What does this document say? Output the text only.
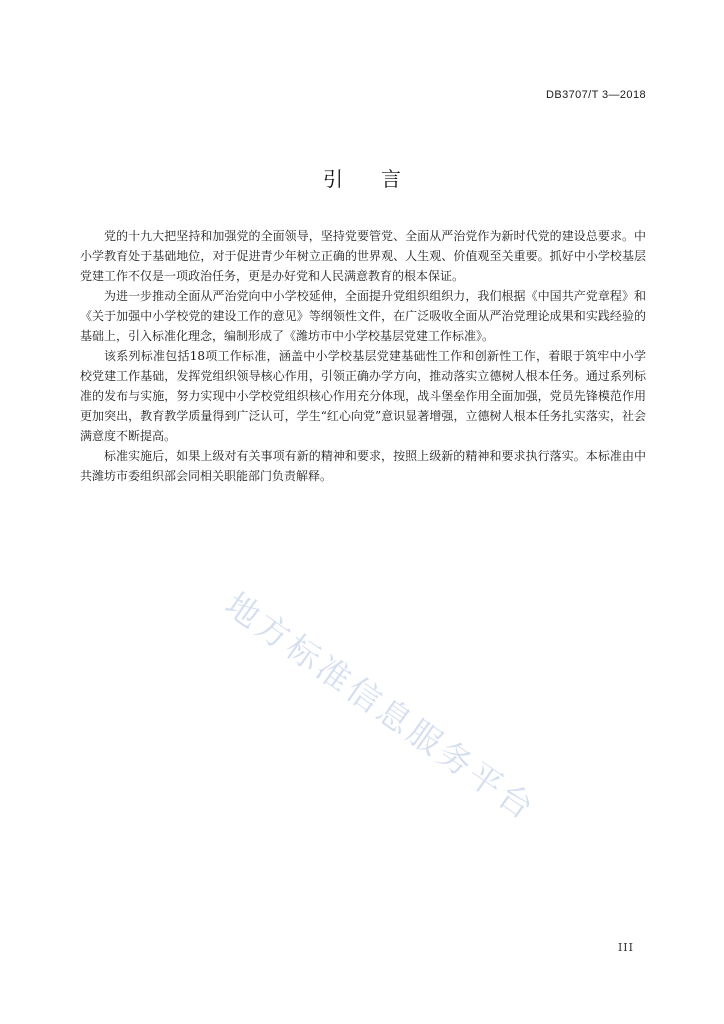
DB3707/T 3—2018
引言

党的十九大把坚持和加强党的全面领导，坚持党要管党、全面从严治党作为新时代党的建设总要求。中小学教育处于基础地位，对于促进青少年树立正确的世界观、人生观、价值观至关重要。抓好中小学校基层党建工作不仅是一项政治任务，更是办好党和人民满意教育的根本保证。

为进一步推动全面从严治党向中小学校延伸，全面提升党组织组织力，我们根据《中国共产党章程》和《关于加强中小学校党的建设工作的意见》等纲领性文件，在广泛吸收全面从严治党理论成果和实践经验的基础上，引入标准化理念，编制形成了《潍坊市中小学校基层党建工作标准》。

该系列标准包括18项工作标准，涵盖中小学校基层党建基础性工作和创新性工作，着眼于筑牢中小学校党建工作基础，发挥党组织领导核心作用，引领正确办学方向，推动落实立德树人根本任务。通过系列标准的发布与实施，努力实现中小学校党组织核心作用充分体现，战斗堡垒作用全面加强，党员先锋模范作用更加突出，教育教学质量得到广泛认可，学生“红心向党”意识显著增强，立德树人根本任务扎实落实，社会满意度不断提高。

标准实施后，如果上级对有关事项有新的精神和要求，按照上级新的精神和要求执行落实。本标准由中共潍坊市委组织部会同相关职能部门负责解释。

地方标准信息服务平台
III
